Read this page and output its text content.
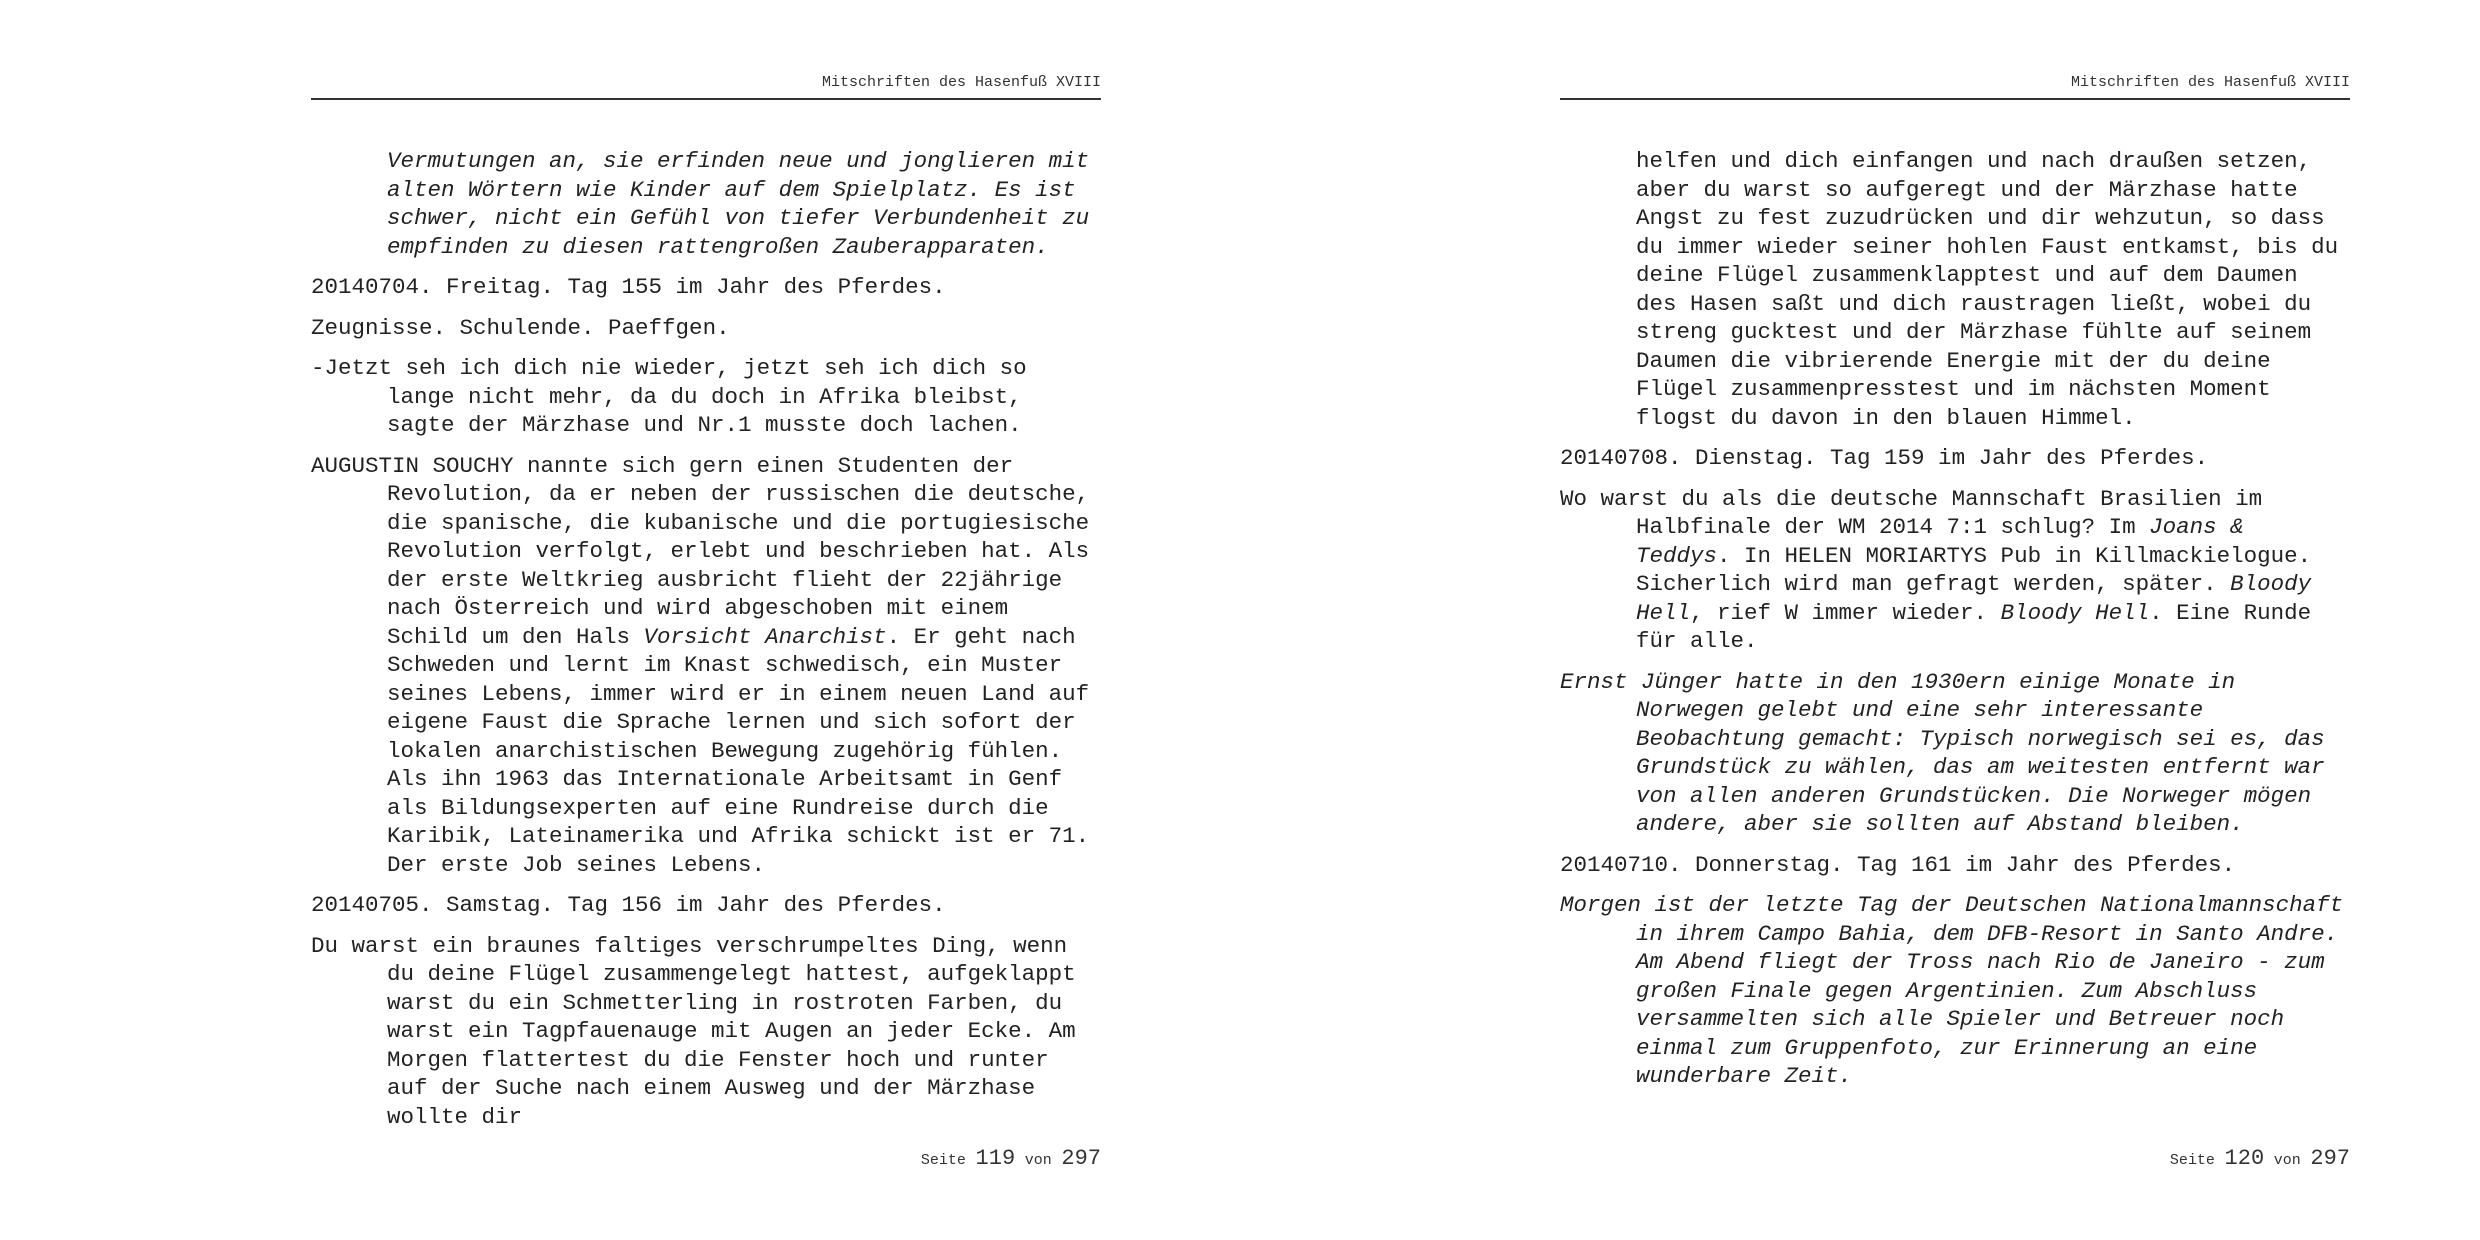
Mitschriften des Hasenfuß XVIII

Vermutungen an, sie erfinden neue und jonglieren mit alten Wörtern wie Kinder auf dem Spielplatz. Es ist schwer, nicht ein Gefühl von tiefer Verbundenheit zu empfinden zu diesen rattengroßen Zauberapparaten.

20140704. Freitag. Tag 155 im Jahr des Pferdes.

Zeugnisse. Schulende. Paeffgen.

-Jetzt seh ich dich nie wieder, jetzt seh ich dich so lange nicht mehr, da du doch in Afrika bleibst, sagte der Märzhase und Nr.1 musste doch lachen.

AUGUSTIN SOUCHY nannte sich gern einen Studenten der Revolution, da er neben der russischen die deutsche, die spanische, die kubanische und die portugiesische Revolution verfolgt, erlebt und beschrieben hat. Als der erste Weltkrieg ausbricht flieht der 22jährige nach Österreich und wird abgeschoben mit einem Schild um den Hals Vorsicht Anarchist. Er geht nach Schweden und lernt im Knast schwedisch, ein Muster seines Lebens, immer wird er in einem neuen Land auf eigene Faust die Sprache lernen und sich sofort der lokalen anarchistischen Bewegung zugehörig fühlen. Als ihn 1963 das Internationale Arbeitsamt in Genf als Bildungsexperten auf eine Rundreise durch die Karibik, Lateinamerika und Afrika schickt ist er 71. Der erste Job seines Lebens.

20140705. Samstag. Tag 156 im Jahr des Pferdes.

Du warst ein braunes faltiges verschrumpeltes Ding, wenn du deine Flügel zusammengelegt hattest, aufgeklappt warst du ein Schmetterling in rostroten Farben, du warst ein Tagpfauenauge mit Augen an jeder Ecke. Am Morgen flattertest du die Fenster hoch und runter auf der Suche nach einem Ausweg und der Märzhase wollte dir

Seite 119 von 297
Mitschriften des Hasenfuß XVIII

helfen und dich einfangen und nach draußen setzen, aber du warst so aufgeregt und der Märzhase hatte Angst zu fest zuzudrücken und dir wehzutun, so dass du immer wieder seiner hohlen Faust entkamst, bis du deine Flügel zusammenklapptest und auf dem Daumen des Hasen saßt und dich raustragen ließt, wobei du streng gucktest und der Märzhase fühlte auf seinem Daumen die vibrierende Energie mit der du deine Flügel zusammenpresstest und im nächsten Moment flogst du davon in den blauen Himmel.

20140708. Dienstag. Tag 159 im Jahr des Pferdes.

Wo warst du als die deutsche Mannschaft Brasilien im Halbfinale der WM 2014 7:1 schlug? Im Joans & Teddys. In HELEN MORIARTYS Pub in Killmackielogue. Sicherlich wird man gefragt werden, später. Bloody Hell, rief W immer wieder. Bloody Hell. Eine Runde für alle.

Ernst Jünger hatte in den 1930ern einige Monate in Norwegen gelebt und eine sehr interessante Beobachtung gemacht: Typisch norwegisch sei es, das Grundstück zu wählen, das am weitesten entfernt war von allen anderen Grundstücken. Die Norweger mögen andere, aber sie sollten auf Abstand bleiben.

20140710. Donnerstag. Tag 161 im Jahr des Pferdes.

Morgen ist der letzte Tag der Deutschen Nationalmannschaft in ihrem Campo Bahia, dem DFB-Resort in Santo Andre. Am Abend fliegt der Tross nach Rio de Janeiro - zum großen Finale gegen Argentinien. Zum Abschluss versammelten sich alle Spieler und Betreuer noch einmal zum Gruppenfoto, zur Erinnerung an eine wunderbare Zeit.

Seite 120 von 297
